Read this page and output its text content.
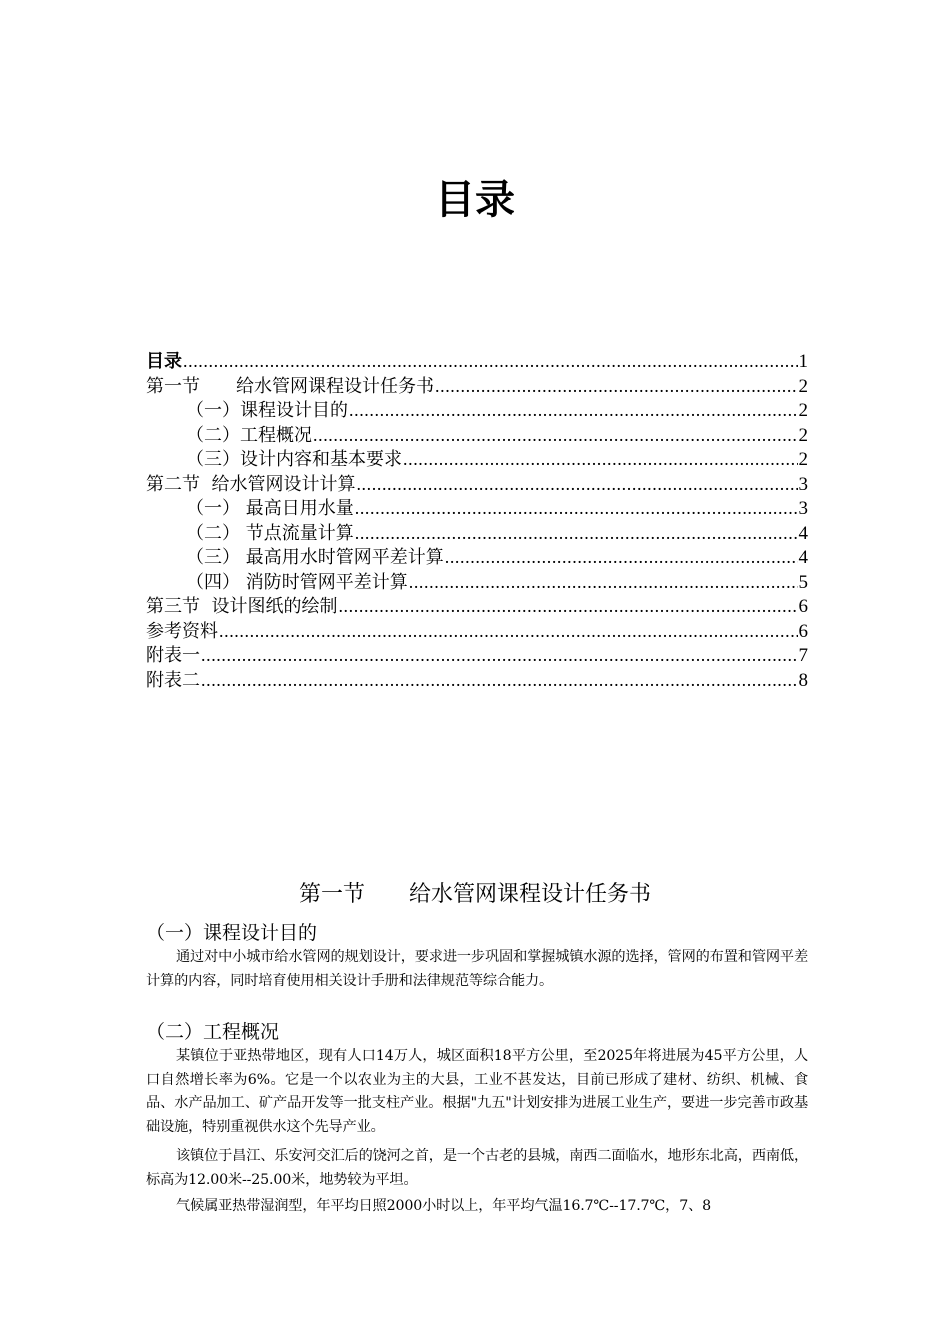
目录
目录 .....	1
第一节　　给水管网课程设计任务书 .....	2
（一）课程设计目的 .....	2
（二）工程概况 .....	2
（三）设计内容和基本要求 .....	2
第二节  给水管网设计计算 .....	3
（一） 最高日用水量 .....	3
（二） 节点流量计算 .....	4
（三） 最高用水时管网平差计算 .....	4
（四） 消防时管网平差计算 .....	5
第三节  设计图纸的绘制 .....	6
参考资料 .....	6
附表一 .....	7
附表二 .....	8
第一节　　给水管网课程设计任务书
（一）课程设计目的
通过对中小城市给水管网的规划设计，要求进一步巩固和掌握城镇水源的选择，管网的布置和管网平差计算的内容，同时培育使用相关设计手册和法律规范等综合能力。
（二）工程概况
某镇位于亚热带地区，现有人口14万人，城区面积18平方公里，至2025年将进展为45平方公里，人口自然增长率为6%。它是一个以农业为主的大县，工业不甚发达，目前已形成了建材、纺织、机械、食品、水产品加工、矿产品开发等一批支柱产业。根据"九五"计划安排为进展工业生产，要进一步完善市政基础设施，特别重视供水这个先导产业。
该镇位于昌江、乐安河交汇后的饶河之首，是一个古老的县城，南西二面临水，地形东北高，西南低，标高为12.00米--25.00米，地势较为平坦。
气候属亚热带湿润型，年平均日照2000小时以上，年平均气温16.7℃--17.7℃，7、8
